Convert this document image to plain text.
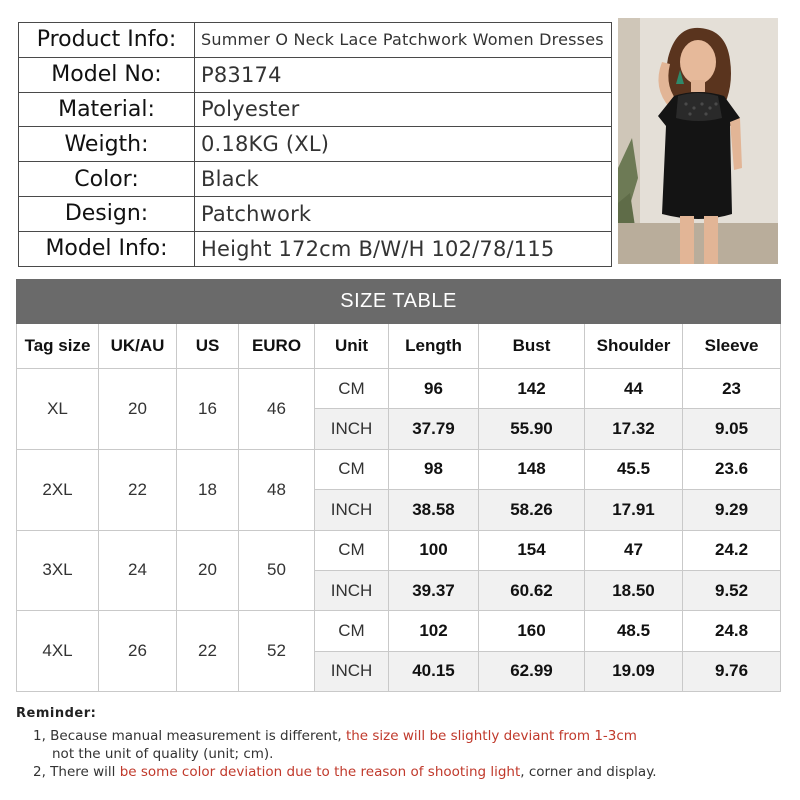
Product Info:	Summer O Neck Lace Patchwork Women Dresses
Model No:	P83174
Material:	Polyester
Weigth:	0.18KG (XL)
Color:	Black
Design:	Patchwork
Model Info:	Height 172cm B/W/H 102/78/115
SIZE TABLE								
Tag size	UK/AU	US	EURO	Unit	Length	Bust	Shoulder	Sleeve
XL	20	16	46	CM	96	142	44	23
				INCH	37.79	55.90	17.32	9.05
2XL	22	18	48	CM	98	148	45.5	23.6
				INCH	38.58	58.26	17.91	9.29
3XL	24	20	50	CM	100	154	47	24.2
				INCH	39.37	60.62	18.50	9.52
4XL	26	22	52	CM	102	160	48.5	24.8
				INCH	40.15	62.99	19.09	9.76
Reminder:

1, Because manual measurement is different, the size will be slightly deviant from 1-3cm

not the unit of quality (unit; cm).

2, There will be some color deviation due to the reason of shooting light, corner and display.
